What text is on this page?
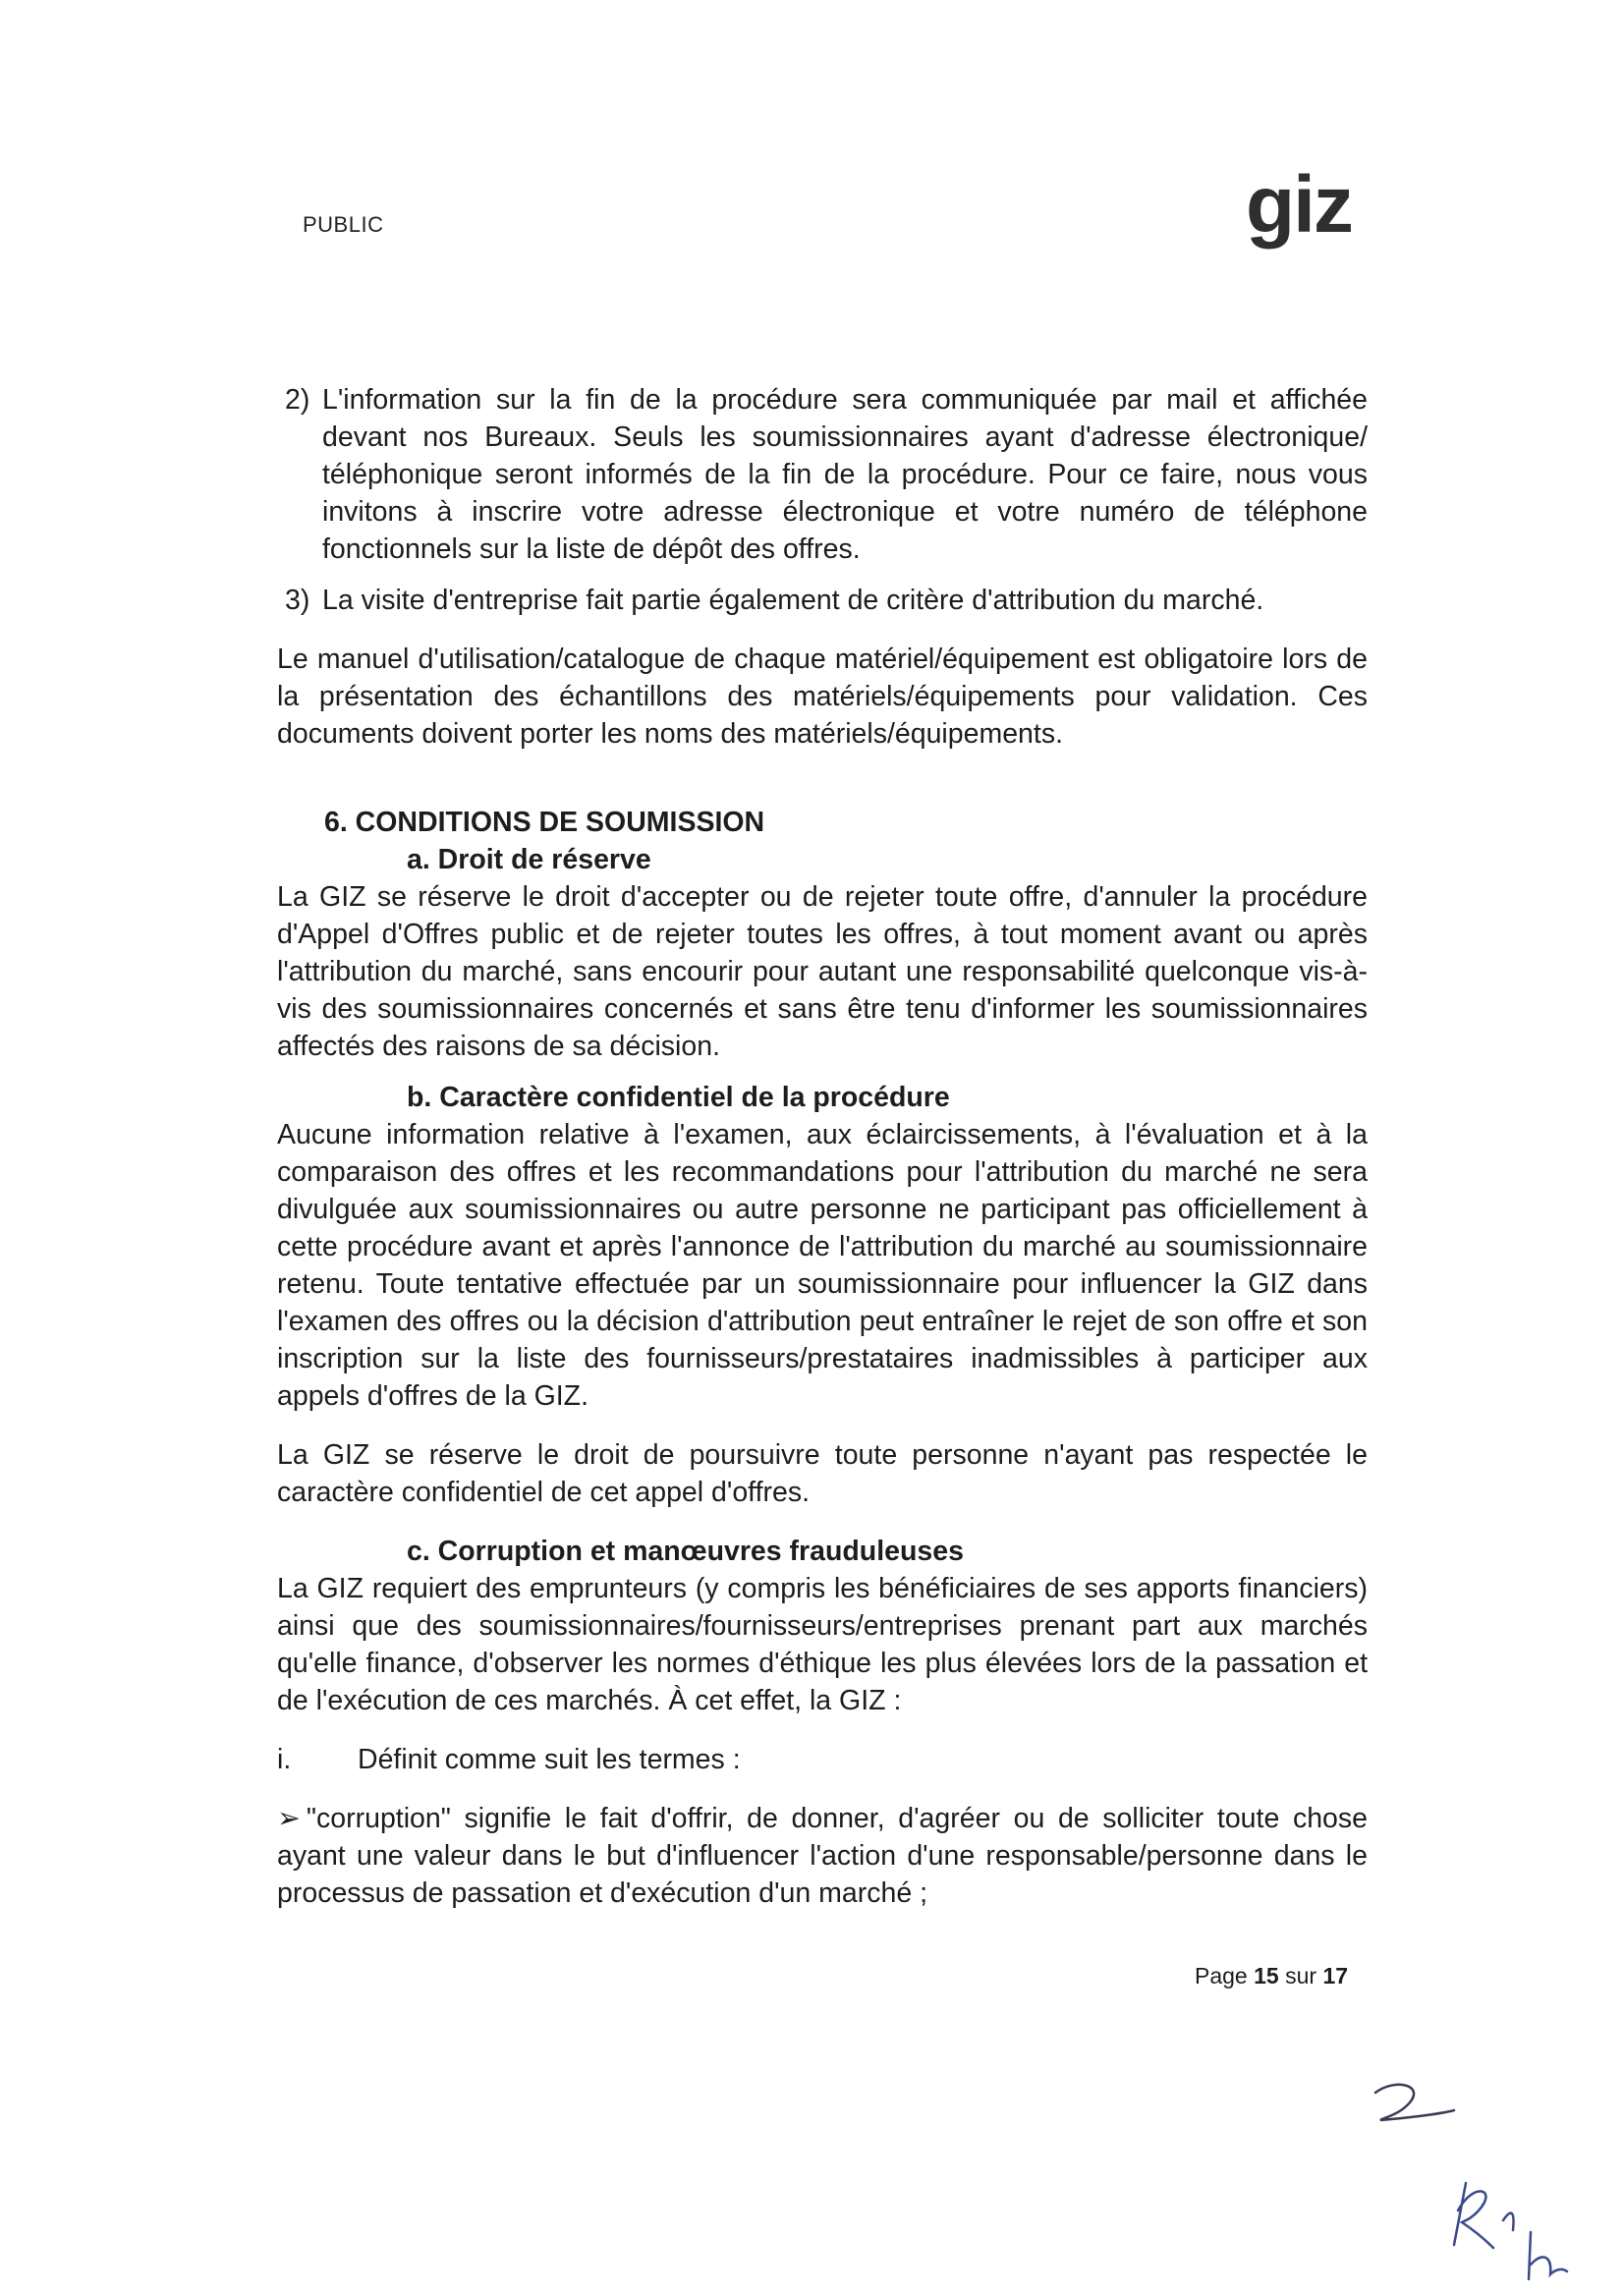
PUBLIC	giz
2) L'information sur la fin de la procédure sera communiquée par mail et affichée devant nos Bureaux. Seuls les soumissionnaires ayant d'adresse électronique/ téléphonique seront informés de la fin de la procédure. Pour ce faire, nous vous invitons à inscrire votre adresse électronique et votre numéro de téléphone fonctionnels sur la liste de dépôt des offres.
3) La visite d'entreprise fait partie également de critère d'attribution du marché.

Le manuel d'utilisation/catalogue de chaque matériel/équipement est obligatoire lors de la présentation des échantillons des matériels/équipements pour validation. Ces documents doivent porter les noms des matériels/équipements.

6. CONDITIONS DE SOUMISSION
a. Droit de réserve

La GIZ se réserve le droit d'accepter ou de rejeter toute offre, d'annuler la procédure d'Appel d'Offres public et de rejeter toutes les offres, à tout moment avant ou après l'attribution du marché, sans encourir pour autant une responsabilité quelconque vis-à-vis des soumissionnaires concernés et sans être tenu d'informer les soumissionnaires affectés des raisons de sa décision.

b. Caractère confidentiel de la procédure

Aucune information relative à l'examen, aux éclaircissements, à l'évaluation et à la comparaison des offres et les recommandations pour l'attribution du marché ne sera divulguée aux soumissionnaires ou autre personne ne participant pas officiellement à cette procédure avant et après l'annonce de l'attribution du marché au soumissionnaire retenu. Toute tentative effectuée par un soumissionnaire pour influencer la GIZ dans l'examen des offres ou la décision d'attribution peut entraîner le rejet de son offre et son inscription sur la liste des fournisseurs/prestataires inadmissibles à participer aux appels d'offres de la GIZ.

La GIZ se réserve le droit de poursuivre toute personne n'ayant pas respectée le caractère confidentiel de cet appel d'offres.

c. Corruption et manœuvres frauduleuses

La GIZ requiert des emprunteurs (y compris les bénéficiaires de ses apports financiers) ainsi que des soumissionnaires/fournisseurs/entreprises prenant part aux marchés qu'elle finance, d'observer les normes d'éthique les plus élevées lors de la passation et de l'exécution de ces marchés. À cet effet, la GIZ :

i.	Définit comme suit les termes :

➢ "corruption" signifie le fait d'offrir, de donner, d'agréer ou de solliciter toute chose ayant une valeur dans le but d'influencer l'action d'une responsable/personne dans le processus de passation et d'exécution d'un marché ;

Page 15 sur 17
